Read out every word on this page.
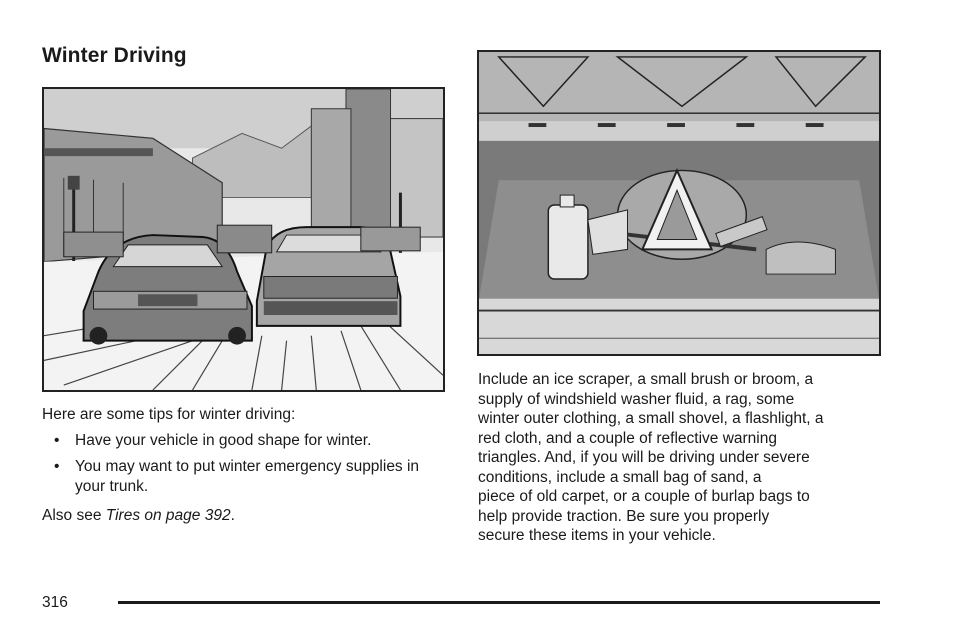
Winter Driving
Here are some tips for winter driving:
• Have your vehicle in good shape for winter.
• You may want to put winter emergency supplies in your trunk.
Also see Tires on page 392.

Include an ice scraper, a small brush or broom, a

supply of windshield washer fluid, a rag, some

winter outer clothing, a small shovel, a flashlight, a

red cloth, and a couple of reflective warning

triangles. And, if you will be driving under severe

conditions, include a small bag of sand, a

piece of old carpet, or a couple of burlap bags to

help provide traction. Be sure you properly

secure these items in your vehicle.

316
